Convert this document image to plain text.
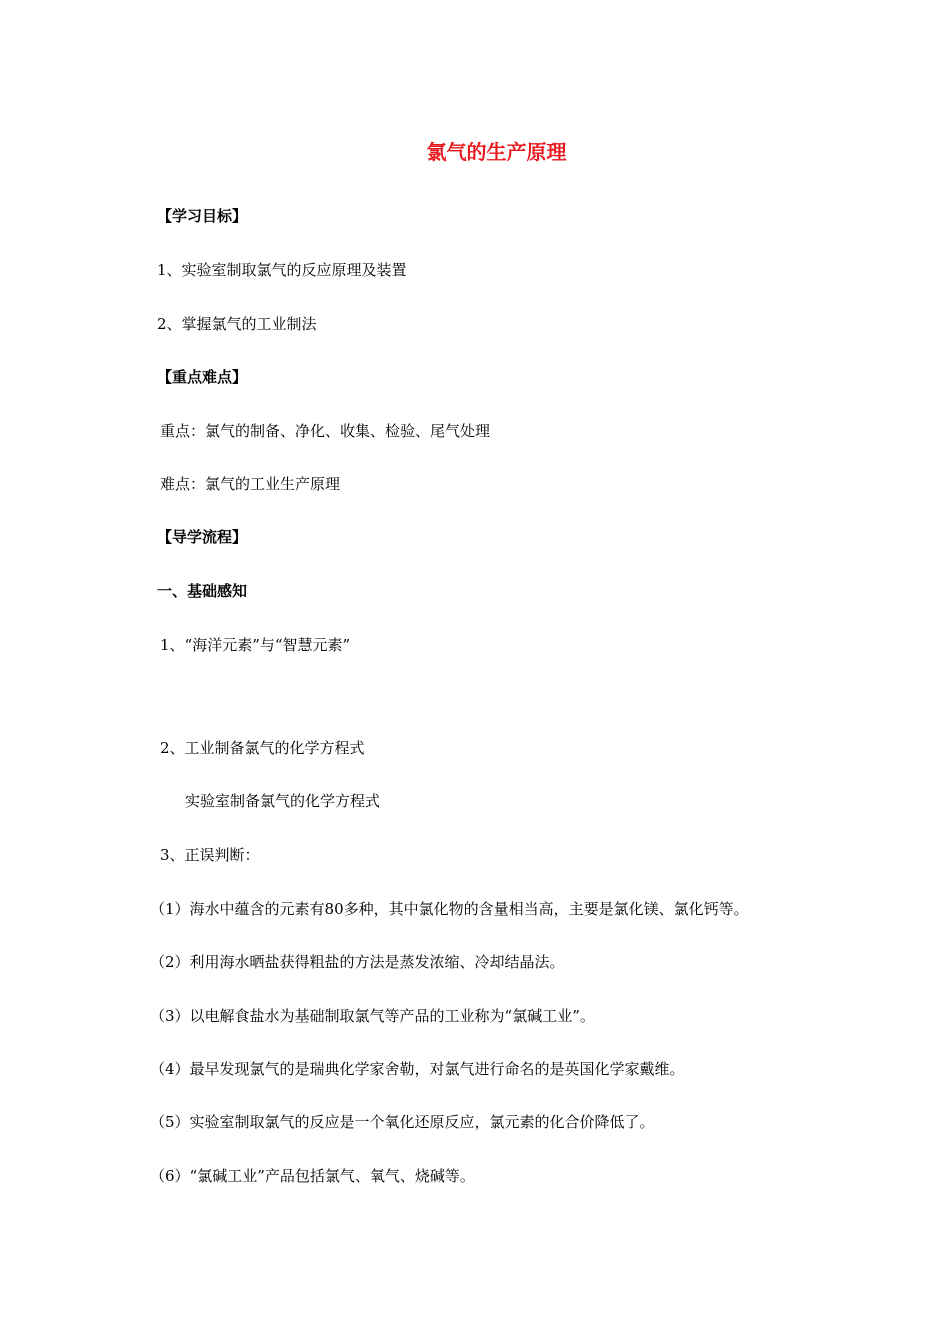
氯气的生产原理
【学习目标】
1、实验室制取氯气的反应原理及装置
2、掌握氯气的工业制法
【重点难点】
重点：氯气的制备、净化、收集、检验、尾气处理
难点：氯气的工业生产原理
【导学流程】
一、基础感知
1、“海洋元素”与“智慧元素”
2、工业制备氯气的化学方程式
实验室制备氯气的化学方程式
3、正误判断：
（1）海水中蕴含的元素有80多种，其中氯化物的含量相当高，主要是氯化镁、氯化钙等。
（2）利用海水晒盐获得粗盐的方法是蒸发浓缩、冷却结晶法。
（3）以电解食盐水为基础制取氯气等产品的工业称为“氯碱工业”。
（4）最早发现氯气的是瑞典化学家舍勒，对氯气进行命名的是英国化学家戴维。
（5）实验室制取氯气的反应是一个氧化还原反应，氯元素的化合价降低了。
（6）“氯碱工业”产品包括氯气、氧气、烧碱等。
